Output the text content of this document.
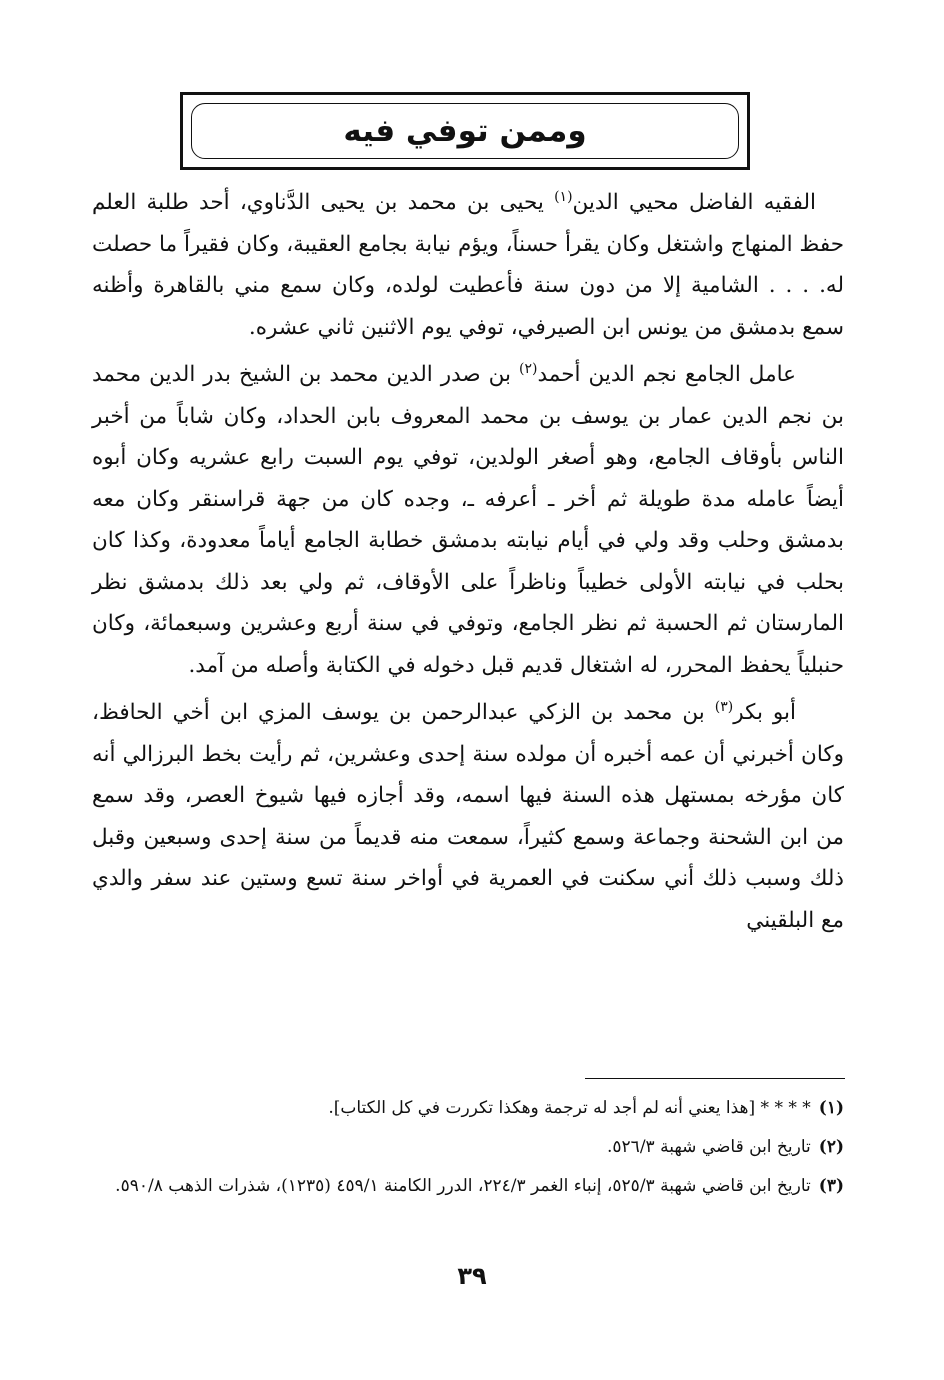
وممن توفي فيه

الفقيه الفاضل محيي الدين$^{(١)}$ يحيى بن محمد بن يحيى الدَّناوي، أحد طلبة العلم حفظ المنهاج واشتغل وكان يقرأ حسناً، ويؤم نيابة بجامع العقيبة، وكان فقيراً ما حصلت له. . . . الشامية إلا من دون سنة فأعطيت لولده، وكان سمع مني بالقاهرة وأظنه سمع بدمشق من يونس ابن الصيرفي، توفي يوم الاثنين ثاني عشره.

عامل الجامع نجم الدين أحمد$^{(٢)}$ بن صدر الدين محمد بن الشيخ بدر الدين محمد بن نجم الدين عمار بن يوسف بن محمد المعروف بابن الحداد، وكان شاباً من أخبر الناس بأوقاف الجامع، وهو أصغر الولدين، توفي يوم السبت رابع عشريه وكان أبوه أيضاً عامله مدة طويلة ثم أخر ـ أعرفه ـ، وجده كان من جهة قراسنقر وكان معه بدمشق وحلب وقد ولي في أيام نيابته بدمشق خطابة الجامع أياماً معدودة، وكذا كان بحلب في نيابته الأولى خطيباً وناظراً على الأوقاف، ثم ولي بعد ذلك بدمشق نظر المارستان ثم الحسبة ثم نظر الجامع، وتوفي في سنة أربع وعشرين وسبعمائة، وكان حنبلياً يحفظ المحرر، له اشتغال قديم قبل دخوله في الكتابة وأصله من آمد.

أبو بكر$^{(٣)}$ بن محمد بن الزكي عبدالرحمن بن يوسف المزي ابن أخي الحافظ، وكان أخبرني أن عمه أخبره أن مولده سنة إحدى وعشرين، ثم رأيت بخط البرزالي أنه كان مؤرخه بمستهل هذه السنة فيها اسمه، وقد أجازه فيها شيوخ العصر، وقد سمع من ابن الشحنة وجماعة وسمع كثيراً، سمعت منه قديماً من سنة إحدى وسبعين وقبل ذلك وسبب ذلك أني سكنت في العمرية في أواخر سنة تسع وستين عند سفر والدي مع البلقيني

(١)
* * * * [هذا يعني أنه لم أجد له ترجمة وهكذا تكررت في كل الكتاب].
(٢)
تاريخ ابن قاضي شهبة ٥٢٦/٣.
(٣)
تاريخ ابن قاضي شهبة ٥٢٥/٣، إنباء الغمر ٢٢٤/٣، الدرر الكامنة ٤٥٩/١ (١٢٣٥)، شذرات الذهب ٥٩٠/٨.
٣٩
